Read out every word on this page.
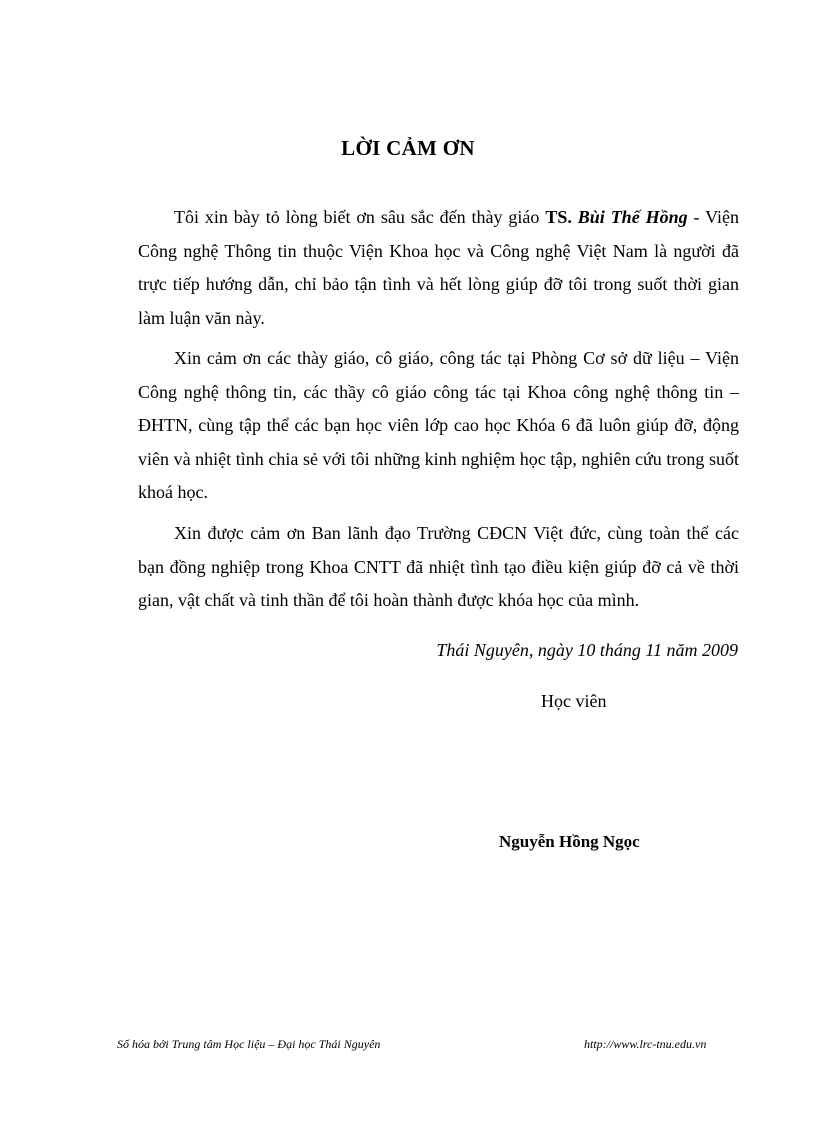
LỜI CẢM ƠN

Tôi xin bày tỏ lòng biết ơn sâu sắc đến thày giáo TS. Bùi Thế Hồng - Viện Công nghệ Thông tin thuộc Viện Khoa học và Công nghệ Việt Nam là người đã trực tiếp hướng dẫn, chỉ bảo tận tình và hết lòng giúp đỡ tôi trong suốt thời gian làm luận văn này.

Xin cảm ơn các thày giáo, cô giáo, công tác tại Phòng Cơ sở dữ liệu – Viện Công nghệ thông tin, các thầy cô giáo công tác tại Khoa công nghệ thông tin – ĐHTN, cùng tập thể các bạn học viên lớp cao học Khóa 6 đã luôn giúp đỡ, động viên và nhiệt tình chia sẻ với tôi những kinh nghiệm học tập, nghiên cứu trong suốt khoá học.

Xin được cảm ơn Ban lãnh đạo Trường CĐCN Việt đức, cùng toàn thể các bạn đồng nghiệp trong Khoa CNTT đã nhiệt tình tạo điều kiện giúp đỡ cả về thời gian, vật chất và tinh thần để tôi hoàn thành được khóa học của mình.

Thái Nguyên, ngày 10 tháng 11 năm 2009
Học viên
Nguyễn Hồng Ngọc
Số hóa bởi Trung tâm Học liệu – Đại học Thái Nguyên	http://www.lrc-tnu.edu.vn
